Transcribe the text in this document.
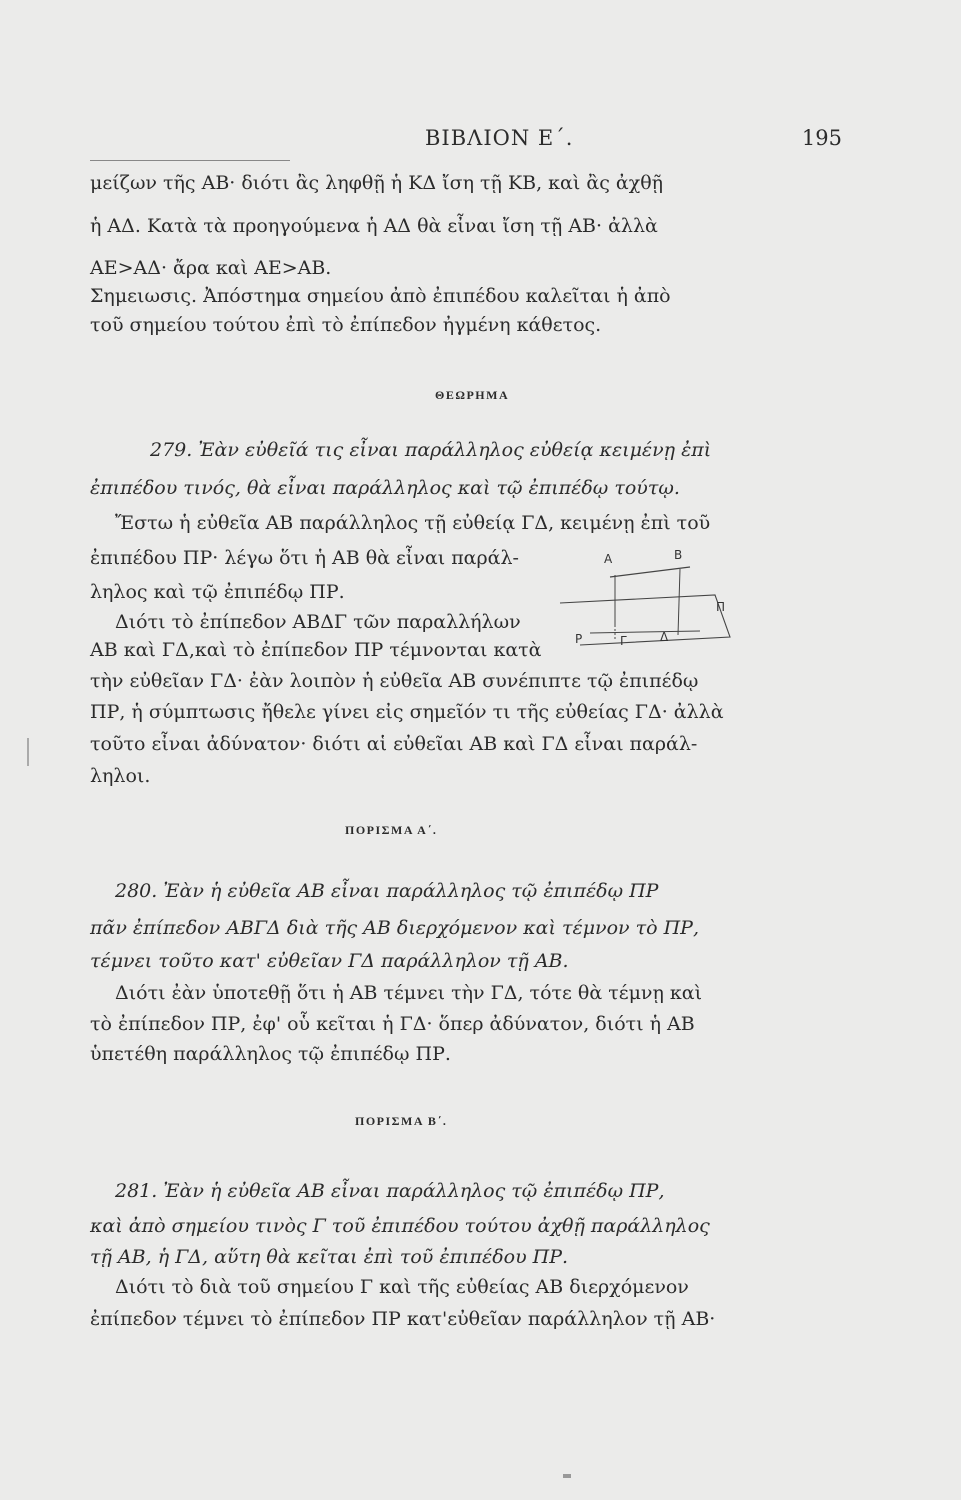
ΒΙΒΛΙΟΝ Ε΄.	195
μείζων τῆς ΑΒ· διότι ἂς ληφθῇ ἡ ΚΔ ἴση τῇ ΚΒ, καὶ ἂς ἀχθῇ
ἡ ΑΔ. Κατὰ τὰ προηγούμενα ἡ ΑΔ θὰ εἶναι ἴση τῇ ΑΒ· ἀλλὰ
ΑΕ>ΑΔ· ἄρα καὶ ΑΕ>ΑΒ.
Σημειωσις. Ἀπόστημα σημείου ἀπὸ ἐπιπέδου καλεῖται ἡ ἀπὸ
τοῦ σημείου τούτου ἐπὶ τὸ ἐπίπεδον ἠγμένη κάθετος.
ΘΕΩΡΗΜΑ
279. Ἐὰν εὐθεῖά τις εἶναι παράλληλος εὐθείᾳ κειμένῃ ἐπὶ
ἐπιπέδου τινός, θὰ εἶναι παράλληλος καὶ τῷ ἐπιπέδῳ τούτῳ.
Ἔστω ἡ εὐθεῖα ΑΒ παράλληλος τῇ εὐθείᾳ ΓΔ, κειμένῃ ἐπὶ τοῦ
ἐπιπέδου ΠΡ· λέγω ὅτι ἡ ΑΒ θὰ εἶναι παράλ-
ληλος καὶ τῷ ἐπιπέδῳ ΠΡ.
Διότι τὸ ἐπίπεδον ΑΒΔΓ τῶν παραλλήλων
ΑΒ καὶ ΓΔ,καὶ τὸ ἐπίπεδον ΠΡ τέμνονται κατὰ
τὴν εὐθεῖαν ΓΔ· ἐὰν λοιπὸν ἡ εὐθεῖα ΑΒ συνέπιπτε τῷ ἐπιπέδῳ
ΠΡ, ἡ σύμπτωσις ἤθελε γίνει εἰς σημεῖόν τι τῆς εὐθείας ΓΔ· ἀλλὰ
τοῦτο εἶναι ἀδύνατον· διότι αἱ εὐθεῖαι ΑΒ καὶ ΓΔ εἶναι παράλ-
ληλοι.
Α	Β
Π
Ρ	Γ	Δ
ΠΟΡΙΣΜΑ Α΄.
280. Ἐὰν ἡ εὐθεῖα ΑΒ εἶναι παράλληλος τῷ ἐπιπέδῳ ΠΡ
πᾶν ἐπίπεδον ΑΒΓΔ διὰ τῆς ΑΒ διερχόμενον καὶ τέμνον τὸ ΠΡ,
τέμνει τοῦτο κατ' εὐθεῖαν ΓΔ παράλληλον τῇ ΑΒ.
Διότι ἐὰν ὑποτεθῇ ὅτι ἡ ΑΒ τέμνει τὴν ΓΔ, τότε θὰ τέμνῃ καὶ
τὸ ἐπίπεδον ΠΡ, ἐφ' οὗ κεῖται ἡ ΓΔ· ὅπερ ἀδύνατον, διότι ἡ ΑΒ
ὑπετέθη παράλληλος τῷ ἐπιπέδῳ ΠΡ.
ΠΟΡΙΣΜΑ Β΄.
281. Ἐὰν ἡ εὐθεῖα ΑΒ εἶναι παράλληλος τῷ ἐπιπέδῳ ΠΡ,
καὶ ἀπὸ σημείου τινὸς Γ τοῦ ἐπιπέδου τούτου ἀχθῇ παράλληλος
τῇ ΑΒ, ἡ ΓΔ, αὕτη θὰ κεῖται ἐπὶ τοῦ ἐπιπέδου ΠΡ.
Διότι τὸ διὰ τοῦ σημείου Γ καὶ τῆς εὐθείας ΑΒ διερχόμενον
ἐπίπεδον τέμνει τὸ ἐπίπεδον ΠΡ κατ'εὐθεῖαν παράλληλον τῇ ΑΒ·
